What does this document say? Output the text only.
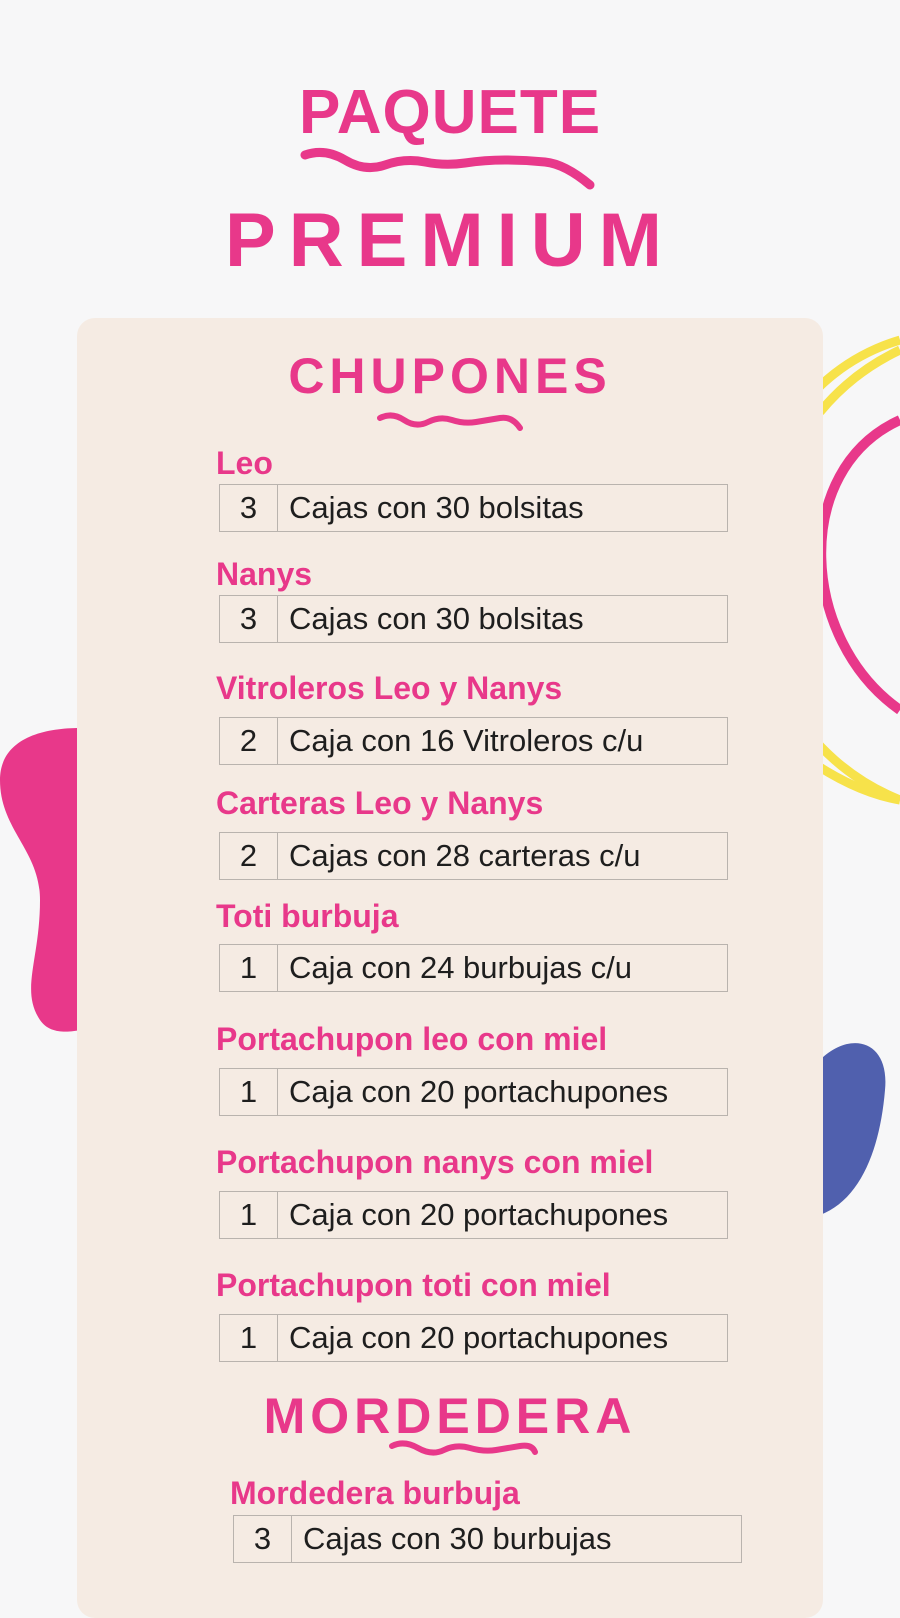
PAQUETE
PREMIUM
CHUPONES
Leo
3	Cajas con 30 bolsitas
Nanys
3	Cajas con 30 bolsitas
Vitroleros Leo y Nanys
2	Caja con 16 Vitroleros c/u
Carteras Leo y Nanys
2	Cajas con 28 carteras c/u
Toti burbuja
1	Caja con 24 burbujas c/u
Portachupon leo con miel
1	Caja con 20 portachupones
Portachupon nanys con miel
1	Caja con 20 portachupones
Portachupon toti con miel
1	Caja con 20 portachupones
MORDEDERA
Mordedera burbuja
3	Cajas con 30 burbujas
